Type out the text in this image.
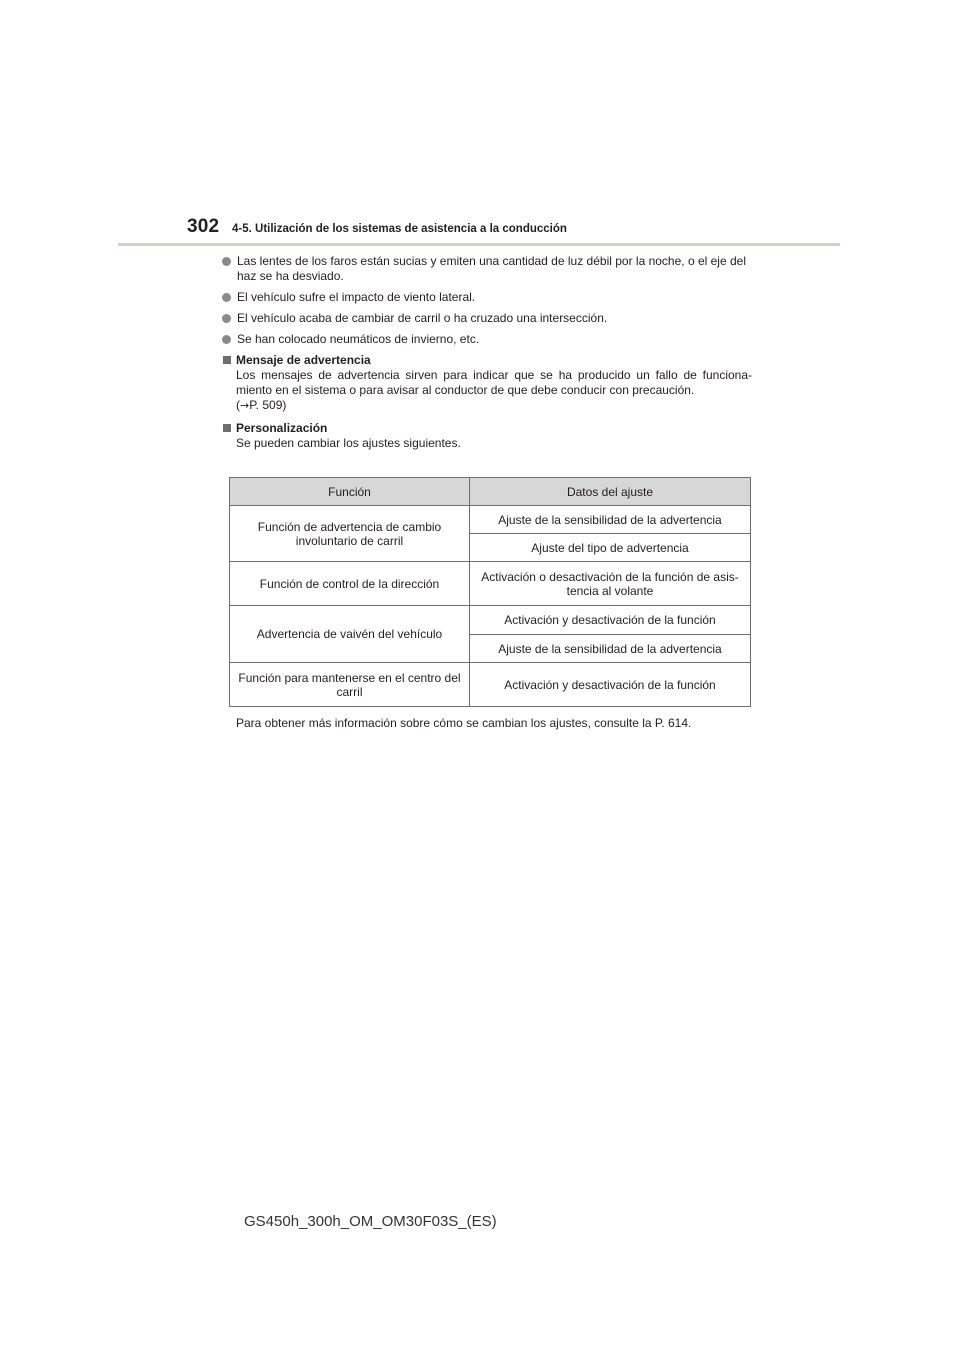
302 4-5. Utilización de los sistemas de asistencia a la conducción
Las lentes de los faros están sucias y emiten una cantidad de luz débil por la noche, o el eje del haz se ha desviado.
El vehículo sufre el impacto de viento lateral.
El vehículo acaba de cambiar de carril o ha cruzado una intersección.
Se han colocado neumáticos de invierno, etc.
Mensaje de advertencia
Los mensajes de advertencia sirven para indicar que se ha producido un fallo de funciona-miento en el sistema o para avisar al conductor de que debe conducir con precaución.
(→P. 509)
Personalización
Se pueden cambiar los ajustes siguientes.
Función	Datos del ajuste
Función de advertencia de cambio involuntario de carril	Ajuste de la sensibilidad de la advertencia
	Ajuste del tipo de advertencia
Función de control de la dirección	Activación o desactivación de la función de asis-tencia al volante
Advertencia de vaivén del vehículo	Activación y desactivación de la función
	Ajuste de la sensibilidad de la advertencia
Función para mantenerse en el centro del carril	Activación y desactivación de la función
Para obtener más información sobre cómo se cambian los ajustes, consulte la P. 614.
GS450h_300h_OM_OM30F03S_(ES)
